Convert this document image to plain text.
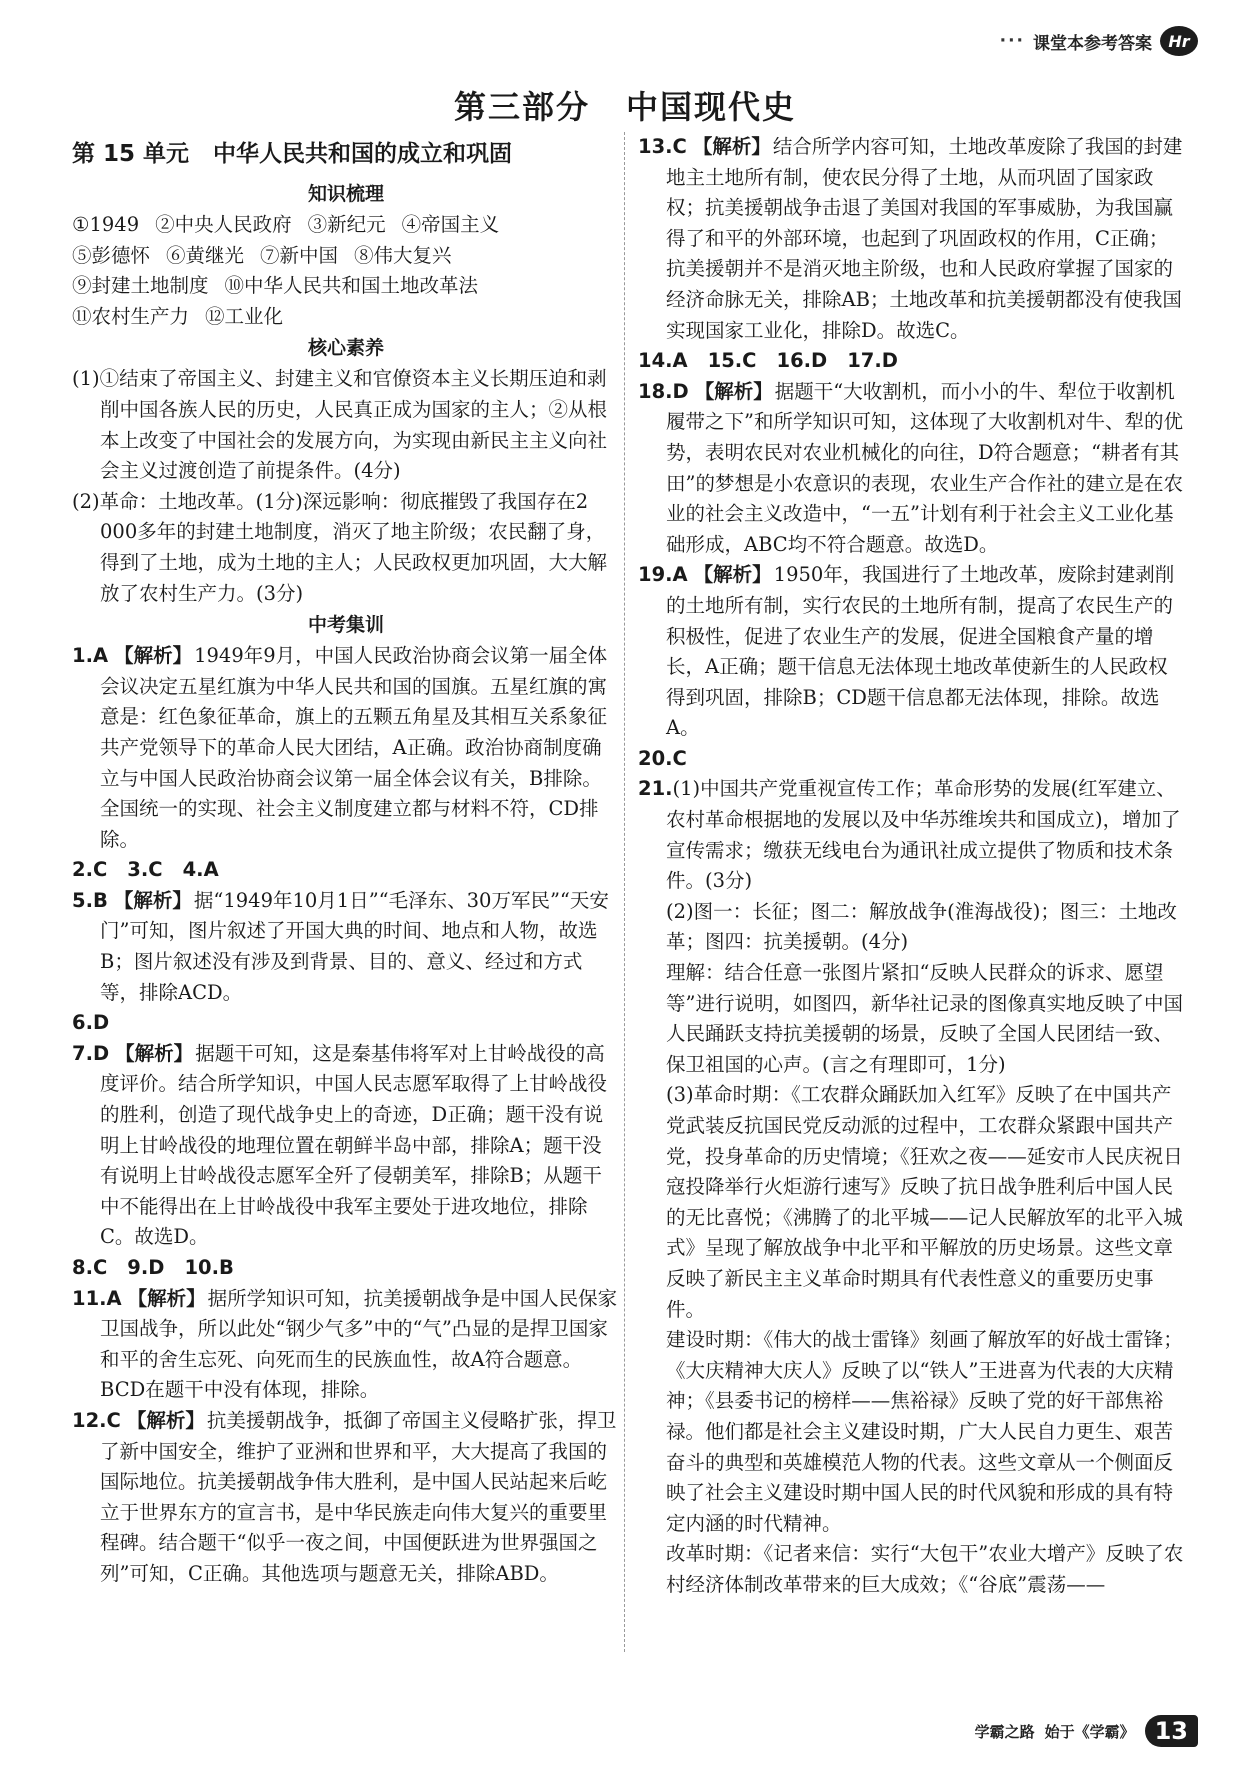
··· 课堂本参考答案	Hr
第三部分 中国现代史
第 15 单元 中华人民共和国的成立和巩固
知识梳理
①1949 ②中央人民政府 ③新纪元 ④帝国主义
⑤彭德怀 ⑥黄继光 ⑦新中国 ⑧伟大复兴
⑨封建土地制度 ⑩中华人民共和国土地改革法
⑪农村生产力 ⑫工业化
核心素养
(1)①结束了帝国主义、封建主义和官僚资本主义长期压迫和剥削中国各族人民的历史，人民真正成为国家的主人；②从根本上改变了中国社会的发展方向，为实现由新民主主义向社会主义过渡创造了前提条件。(4分)
(2)革命：土地改革。(1分)深远影响：彻底摧毁了我国存在2 000多年的封建土地制度，消灭了地主阶级；农民翻了身，得到了土地，成为土地的主人；人民政权更加巩固，大大解放了农村生产力。(3分)
中考集训
1.A 【解析】 1949年9月，中国人民政治协商会议第一届全体会议决定五星红旗为中华人民共和国的国旗。五星红旗的寓意是：红色象征革命，旗上的五颗五角星及其相互关系象征共产党领导下的革命人民大团结，A正确。政治协商制度确立与中国人民政治协商会议第一届全体会议有关，B排除。全国统一的实现、社会主义制度建立都与材料不符，CD排除。
2.C 3.C 4.A
5.B 【解析】 据“1949年10月1日”“毛泽东、30万军民”“天安门”可知，图片叙述了开国大典的时间、地点和人物，故选B；图片叙述没有涉及到背景、目的、意义、经过和方式等，排除ACD。
6.D
7.D 【解析】 据题干可知，这是秦基伟将军对上甘岭战役的高度评价。结合所学知识，中国人民志愿军取得了上甘岭战役的胜利，创造了现代战争史上的奇迹，D正确；题干没有说明上甘岭战役的地理位置在朝鲜半岛中部，排除A；题干没有说明上甘岭战役志愿军全歼了侵朝美军，排除B；从题干中不能得出在上甘岭战役中我军主要处于进攻地位，排除C。故选D。
8.C 9.D 10.B
11.A 【解析】 据所学知识可知，抗美援朝战争是中国人民保家卫国战争，所以此处“钢少气多”中的“气”凸显的是捍卫国家和平的舍生忘死、向死而生的民族血性，故A符合题意。BCD在题干中没有体现，排除。
12.C 【解析】 抗美援朝战争，抵御了帝国主义侵略扩张，捍卫了新中国安全，维护了亚洲和世界和平，大大提高了我国的国际地位。抗美援朝战争伟大胜利，是中国人民站起来后屹立于世界东方的宣言书，是中华民族走向伟大复兴的重要里程碑。结合题干“似乎一夜之间，中国便跃进为世界强国之列”可知，C正确。其他选项与题意无关，排除ABD。
13.C 【解析】 结合所学内容可知，土地改革废除了我国的封建地主土地所有制，使农民分得了土地，从而巩固了国家政权；抗美援朝战争击退了美国对我国的军事威胁，为我国赢得了和平的外部环境，也起到了巩固政权的作用，C正确；抗美援朝并不是消灭地主阶级，也和人民政府掌握了国家的经济命脉无关，排除AB；土地改革和抗美援朝都没有使我国实现国家工业化，排除D。故选C。
14.A 15.C 16.D 17.D
18.D 【解析】 据题干“大收割机，而小小的牛、犁位于收割机履带之下”和所学知识可知，这体现了大收割机对牛、犁的优势，表明农民对农业机械化的向往，D符合题意；“耕者有其田”的梦想是小农意识的表现，农业生产合作社的建立是在农业的社会主义改造中，“一五”计划有利于社会主义工业化基础形成，ABC均不符合题意。故选D。
19.A 【解析】 1950年，我国进行了土地改革，废除封建剥削的土地所有制，实行农民的土地所有制，提高了农民生产的积极性，促进了农业生产的发展，促进全国粮食产量的增长，A正确；题干信息无法体现土地改革使新生的人民政权得到巩固，排除B；CD题干信息都无法体现，排除。故选A。
20.C
21.(1)中国共产党重视宣传工作；革命形势的发展(红军建立、农村革命根据地的发展以及中华苏维埃共和国成立)，增加了宣传需求；缴获无线电台为通讯社成立提供了物质和技术条件。(3分)
(2)图一：长征；图二：解放战争(淮海战役)；图三：土地改革；图四：抗美援朝。(4分)
理解：结合任意一张图片紧扣“反映人民群众的诉求、愿望等”进行说明，如图四，新华社记录的图像真实地反映了中国人民踊跃支持抗美援朝的场景，反映了全国人民团结一致、保卫祖国的心声。(言之有理即可，1分)
(3)革命时期：《工农群众踊跃加入红军》反映了在中国共产党武装反抗国民党反动派的过程中，工农群众紧跟中国共产党，投身革命的历史情境；《狂欢之夜——延安市人民庆祝日寇投降举行火炬游行速写》反映了抗日战争胜利后中国人民的无比喜悦；《沸腾了的北平城——记人民解放军的北平入城式》呈现了解放战争中北平和平解放的历史场景。这些文章反映了新民主主义革命时期具有代表性意义的重要历史事件。
建设时期：《伟大的战士雷锋》刻画了解放军的好战士雷锋；《大庆精神大庆人》反映了以“铁人”王进喜为代表的大庆精神；《县委书记的榜样——焦裕禄》反映了党的好干部焦裕禄。他们都是社会主义建设时期，广大人民自力更生、艰苦奋斗的典型和英雄模范人物的代表。这些文章从一个侧面反映了社会主义建设时期中国人民的时代风貌和形成的具有特定内涵的时代精神。
改革时期：《记者来信：实行“大包干”农业大增产》反映了农村经济体制改革带来的巨大成效；《“谷底”震荡——
学霸之路 始于《学霸》 13
